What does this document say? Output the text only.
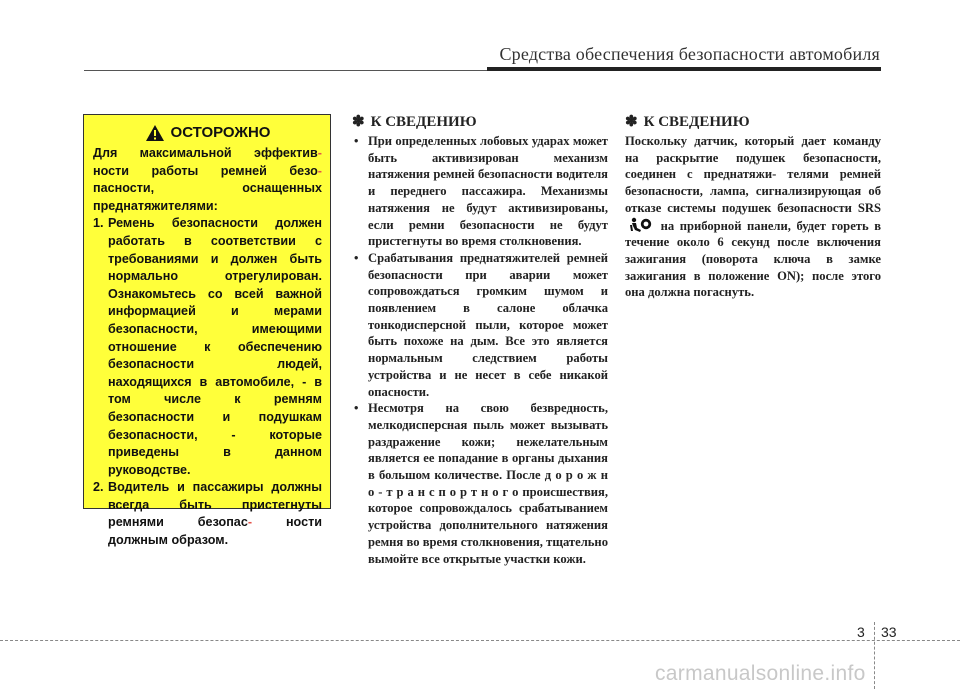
Средства обеспечения безопасности автомобиля
ОСТОРОЖНО
Для максимальной эффектив- ности работы ремней безо- пасности, оснащенных преднатяжителями:
1. Ремень безопасности должен работать в соответствии с требованиями и должен быть нормально отрегулирован. Ознакомьтесь со всей важной информацией и мерами безопасности, имеющими отношение к обеспечению безопасности людей, находящихся в автомобиле, - в том числе к ремням безопасности и подушкам безопасности, - которые приведены в данном руководстве.
2. Водитель и пассажиры должны всегда быть пристегнуты ремнями безопас- ности должным образом.
✽ К СВЕДЕНИЮ
• При определенных лобовых ударах может быть активизирован механизм натяжения ремней безопасности водителя и переднего пассажира. Механизмы натяжения не будут активизированы, если ремни безопасности не будут пристегнуты во время столкновения.
• Срабатывания преднатяжителей ремней безопасности при аварии может сопровождаться громким шумом и появлением в салоне облачка тонкодисперсной пыли, которое может быть похоже на дым. Все это является нормальным следствием работы устройства и не несет в себе никакой опасности.
• Несмотря на свою безвредность, мелкодисперсная пыль может вызывать раздражение кожи; нежелательным является ее попадание в органы дыхания в большом количестве. После д о р о ж н о - т р а н с п о р т н о г о происшествия, которое сопровождалось срабатыванием устройства дополнительного натяжения ремня во время столкновения, тщательно вымойте все открытые участки кожи.
✽ К СВЕДЕНИЮ
Поскольку датчик, который дает команду на раскрытие подушек безопасности, соединен с преднатяжи- телями ремней безопасности, лампа, сигнализирующая об отказе системы подушек безопасности SRS  на приборной панели, будет гореть в течение около 6 секунд после включения зажигания (поворота ключа в замке зажигания в положение ON); после этого она должна погаснуть.
3 33
carmanualsonline.info
